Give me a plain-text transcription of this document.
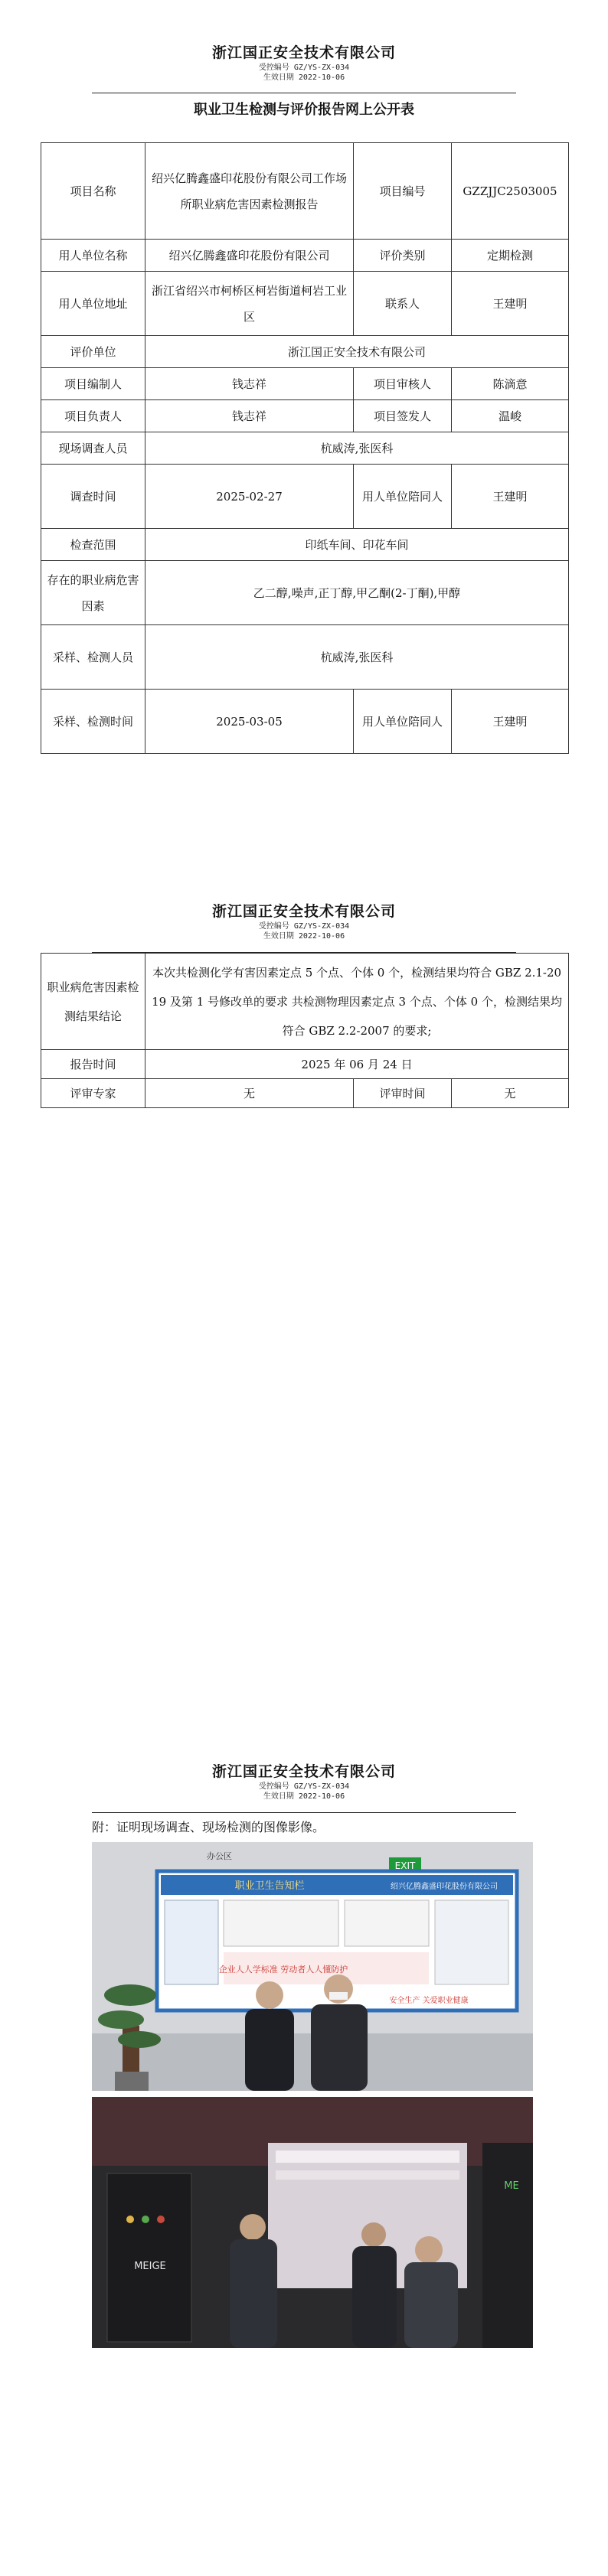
浙江国正安全技术有限公司
受控编号 GZ/YS-ZX-034
生效日期 2022-10-06
职业卫生检测与评价报告网上公开表
项目名称	绍兴亿腾鑫盛印花股份有限公司工作场所职业病危害因素检测报告	项目编号	GZZJJC2503005
用人单位名称	绍兴亿腾鑫盛印花股份有限公司	评价类别	定期检测
用人单位地址	浙江省绍兴市柯桥区柯岩街道柯岩工业区	联系人	王建明
评价单位	浙江国正安全技术有限公司		
项目编制人	钱志祥	项目审核人	陈滴意
项目负责人	钱志祥	项目签发人	温峻
现场调查人员	杭威涛,张医科		
调查时间	2025-02-27	用人单位陪同人	王建明
检查范围	印纸车间、印花车间		
存在的职业病危害因素	乙二醇,噪声,正丁醇,甲乙酮(2-丁酮),甲醇		
采样、检测人员	杭威涛,张医科		
采样、检测时间	2025-03-05	用人单位陪同人	王建明
浙江国正安全技术有限公司
受控编号 GZ/YS-ZX-034
生效日期 2022-10-06
职业病危害因素检测结果结论	本次共检测化学有害因素定点 5 个点、个体 0 个，检测结果均符合 GBZ 2.1-2019 及第 1 号修改单的要求 共检测物理因素定点 3 个点、个体 0 个，检测结果均符合 GBZ 2.2-2007 的要求;		
报告时间	2025 年 06 月 24 日		
评审专家	无	评审时间	无
浙江国正安全技术有限公司
受控编号 GZ/YS-ZX-034
生效日期 2022-10-06
附：证明现场调查、现场检测的图像影像。
EXIT
办公区
职业卫生告知栏	绍兴亿腾鑫盛印花股份有限公司
企业人人学标准 劳动者人人懂防护
安全生产 关爱职业健康
MEIGE
ME
